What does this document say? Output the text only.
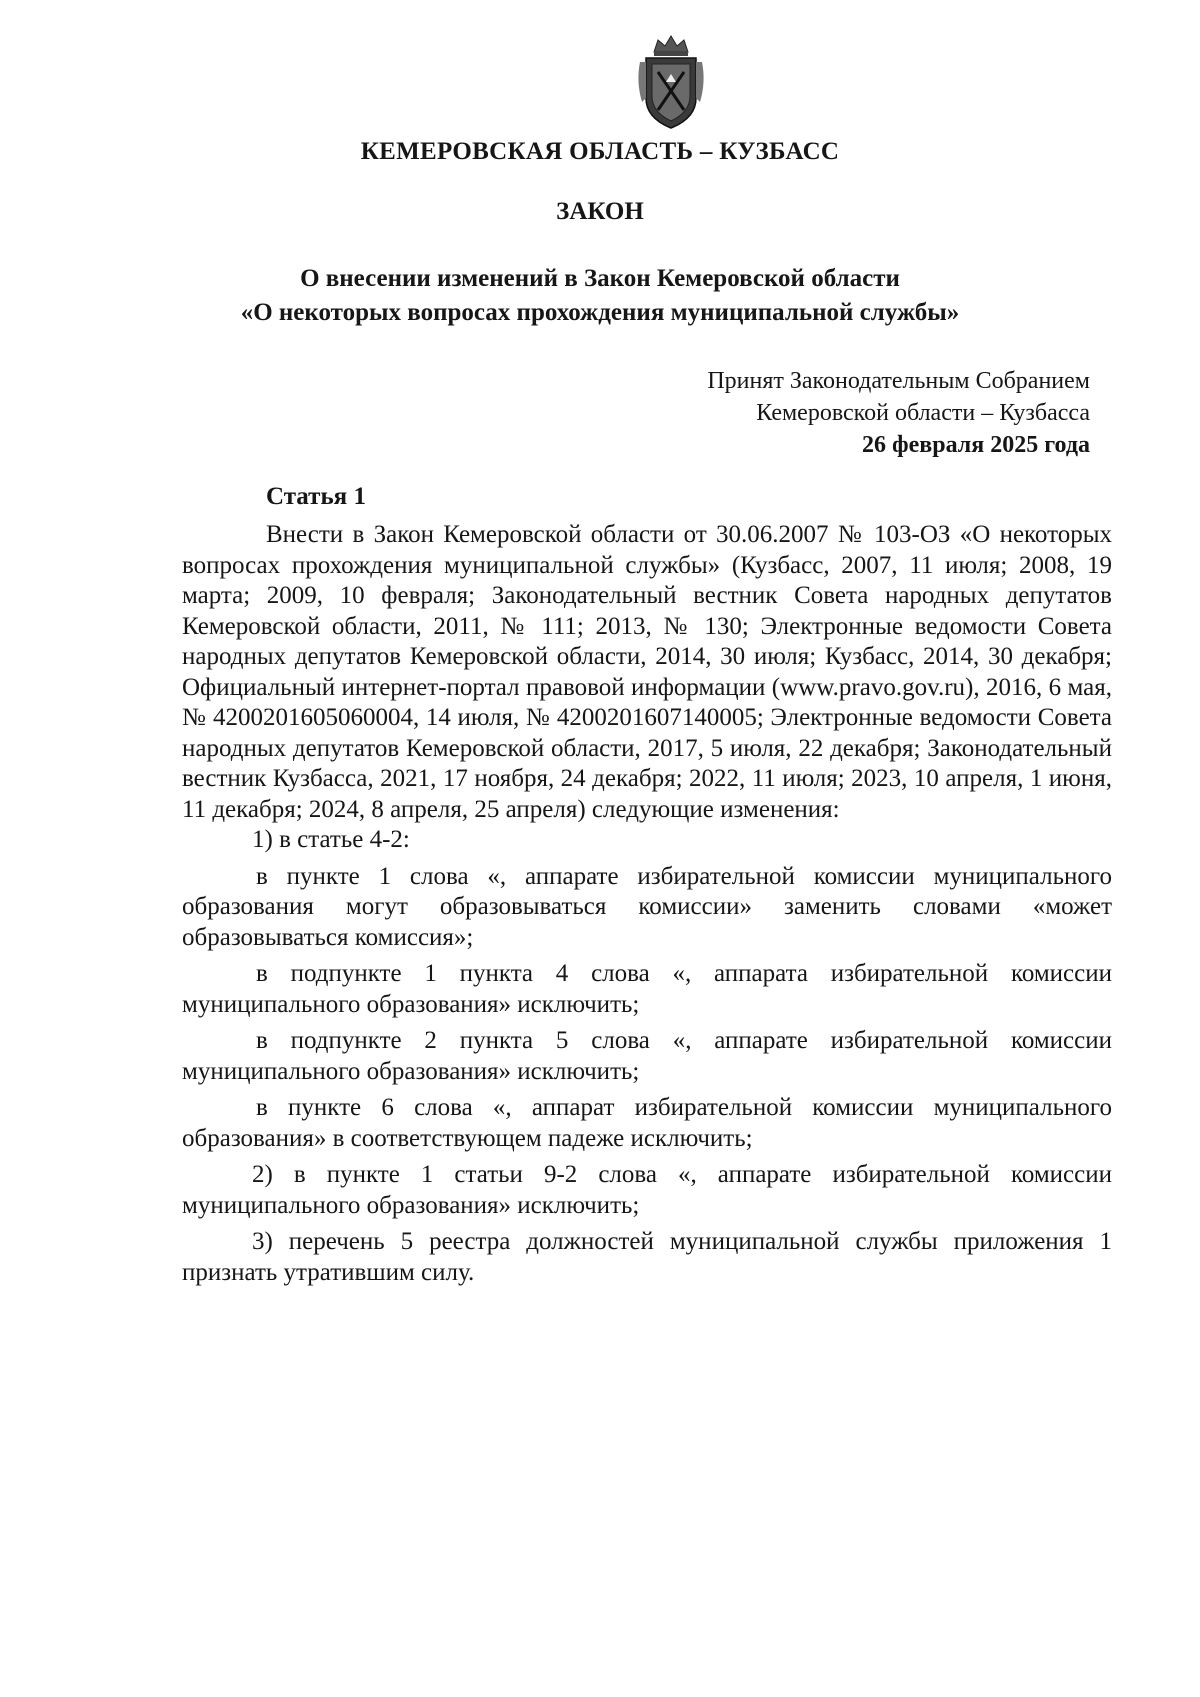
КЕМЕРОВСКАЯ ОБЛАСТЬ – КУЗБАСС
ЗАКОН
О внесении изменений в Закон Кемеровской области
«О некоторых вопросах прохождения муниципальной службы»
Принят Законодательным Собранием
Кемеровской области – Кузбасса
26 февраля 2025 года
Статья 1

Внести в Закон Кемеровской области от 30.06.2007 № 103-ОЗ «О некоторых вопросах прохождения муниципальной службы» (Кузбасс, 2007, 11 июля; 2008, 19 марта; 2009, 10 февраля; Законодательный вестник Совета народных депутатов Кемеровской области, 2011, № 111; 2013, № 130; Электронные ведомости Совета народных депутатов Кемеровской области, 2014, 30 июля; Кузбасс, 2014, 30 декабря; Официальный интернет-портал правовой информации (www.pravo.gov.ru), 2016, 6 мая, № 4200201605060004, 14 июля, № 4200201607140005; Электронные ведомости Совета народных депутатов Кемеровской области, 2017, 5 июля, 22 декабря; Законодательный вестник Кузбасса, 2021, 17 ноября, 24 декабря; 2022, 11 июля; 2023, 10 апреля, 1 июня, 11 декабря; 2024, 8 апреля, 25 апреля) следующие изменения:

1) в статье 4-2:

в пункте 1 слова «, аппарате избирательной комиссии муниципального образования могут образовываться комиссии» заменить словами «может образовываться комиссия»;

в подпункте 1 пункта 4 слова «, аппарата избирательной комиссии муниципального образования» исключить;

в подпункте 2 пункта 5 слова «, аппарате избирательной комиссии муниципального образования» исключить;

в пункте 6 слова «, аппарат избирательной комиссии муниципального образования» в соответствующем падеже исключить;

2) в пункте 1 статьи 9-2 слова «, аппарате избирательной комиссии муниципального образования» исключить;

3) перечень 5 реестра должностей муниципальной службы приложения 1 признать утратившим силу.
